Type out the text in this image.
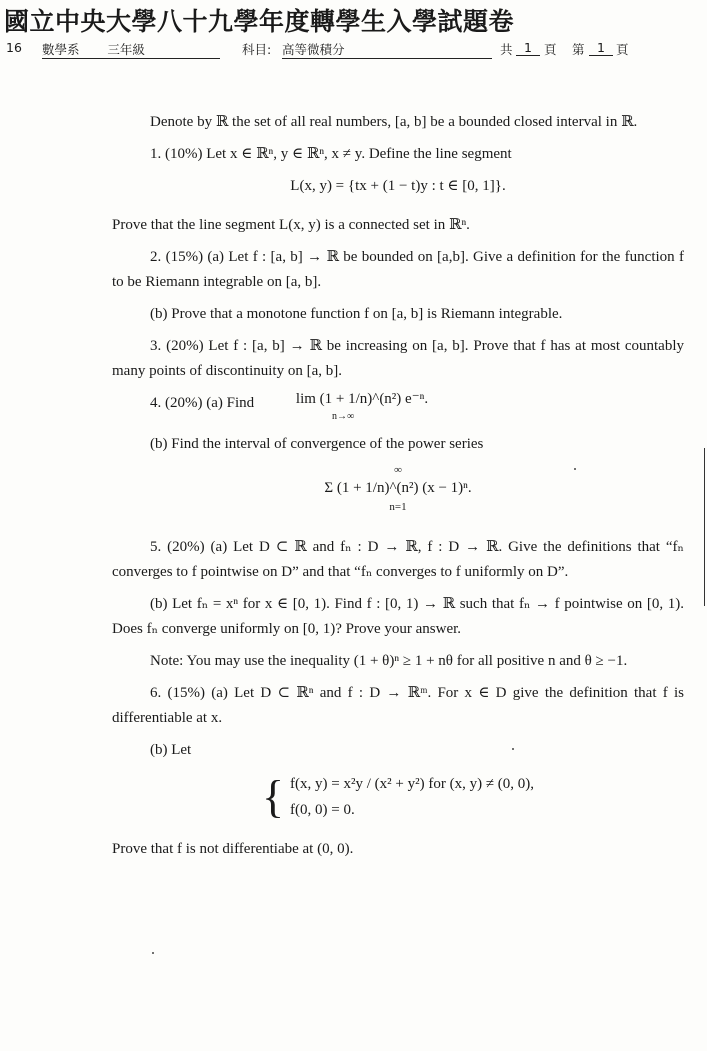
國立中央大學八十九學年度轉學生入學試題卷
16 數學系 三年級	科目: 高等微積分	共 1 頁 第	1 頁

Denote by ℝ the set of all real numbers, [a, b] be a bounded closed interval in ℝ.

1. (10%) Let x ∈ ℝⁿ, y ∈ ℝⁿ, x ≠ y. Define the line segment

L(x, y) = {tx + (1 − t)y : t ∈ [0, 1]}.

Prove that the line segment L(x, y) is a connected set in ℝⁿ.

2. (15%) (a) Let f : [a, b] → ℝ be bounded on [a,b]. Give a definition for the function f to be Riemann integrable on [a, b].

(b) Prove that a monotone function f on [a, b] is Riemann integrable.

3. (20%) Let f : [a, b] → ℝ be increasing on [a, b]. Prove that f has at most countably many points of discontinuity on [a, b].

4. (20%) (a) Find	lim (1 + 1/n)^(n²) e⁻ⁿ.
n→∞

(b) Find the interval of convergence of the power series

∞
Σ (1 + 1/n)^(n²) (x − 1)ⁿ.
n=1

5. (20%) (a) Let D ⊂ ℝ and fₙ : D → ℝ, f : D → ℝ. Give the definitions that “fₙ converges to f pointwise on D” and that “fₙ converges to f uniformly on D”.

(b) Let fₙ = xⁿ for x ∈ [0, 1). Find f : [0, 1) → ℝ such that fₙ → f pointwise on [0, 1). Does fₙ converge uniformly on [0, 1)? Prove your answer.

Note: You may use the inequality (1 + θ)ⁿ ≥ 1 + nθ for all positive n and θ ≥ −1.

6. (15%) (a) Let D ⊂ ℝⁿ and f : D → ℝᵐ. For x ∈ D give the definition that f is differentiable at x.

(b) Let

{ f(x, y) = x²y / (x² + y²) for (x, y) ≠ (0, 0),
f(0, 0) = 0.

Prove that f is not differentiabe at (0, 0).
